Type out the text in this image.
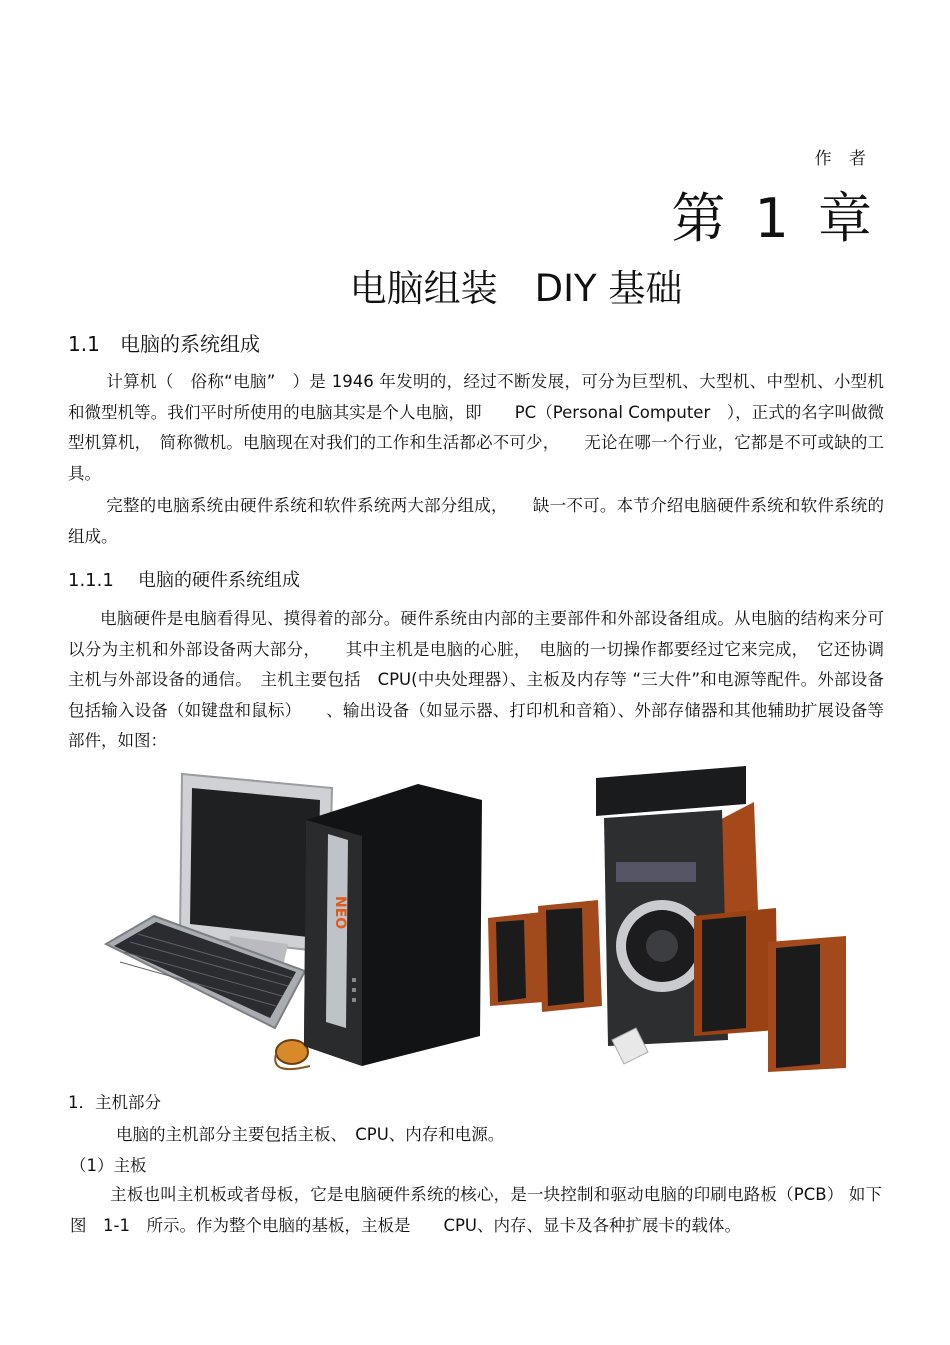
作 者
第 1 章
电脑组装　DIY 基础
1.1 电脑的系统组成
计算机（　俗称“电脑”　）是 1946 年发明的，经过不断发展，可分为巨型机、大型机、中型机、小型机和微型机等。我们平时所使用的电脑其实是个人电脑，即　　PC（Personal Computer　），正式的名字叫做微型机算机，　简称微机。电脑现在对我们的工作和生活都必不可少，　　无论在哪一个行业，它都是不可或缺的工具。
完整的电脑系统由硬件系统和软件系统两大部分组成，　　缺一不可。本节介绍电脑硬件系统和软件系统的组成。
1.1.1 电脑的硬件系统组成
电脑硬件是电脑看得见、摸得着的部分。硬件系统由内部的主要部件和外部设备组成。从电脑的结构来分可以分为主机和外部设备两大部分，　　其中主机是电脑的心脏，　电脑的一切操作都要经过它来完成，　它还协调主机与外部设备的通信。　主机主要包括　CPU(中央处理器）、主板及内存等 “三大件”和电源等配件。外部设备包括输入设备（如键盘和鼠标）　　、输出设备（如显示器、打印机和音箱）、外部存储器和其他辅助扩展设备等部件，如图：
NEO
1．主机部分
电脑的主机部分主要包括主板、　CPU、内存和电源。
（1）主板
主板也叫主机板或者母板，它是电脑硬件系统的核心，是一块控制和驱动电脑的印刷电路板（PCB） 如下图　1-1　所示。作为整个电脑的基板，主板是　　CPU、内存、显卡及各种扩展卡的载体。
